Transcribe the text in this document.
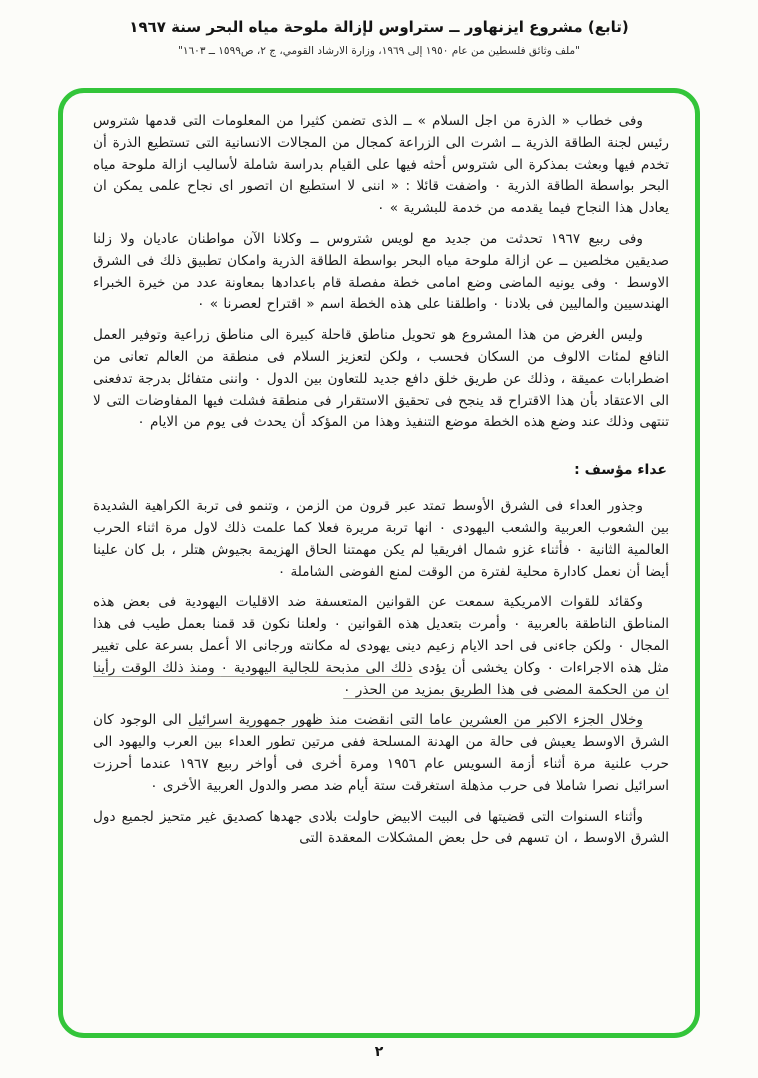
(تابع) مشروع ايزنهاور ــ ستراوس لإزالة ملوحة مياه البحر سنة ١٩٦٧
"ملف وثائق فلسطين من عام ١٩٥٠ إلى ١٩٦٩، وزارة الارشاد القومي، ج ٢، ص١٥٩٩ ــ ١٦٠٣"

وفى خطاب « الذرة من اجل السلام » ــ الذى تضمن كثيرا من المعلومات التى قدمها شتروس رئيس لجنة الطاقة الذرية ــ اشرت الى الزراعة كمجال من المجالات الانسانية التى تستطيع الذرة أن تخدم فيها وبعثت بمذكرة الى شتروس أحثه فيها على القيام بدراسة شاملة لأساليب ازالة ملوحة مياه البحر بواسطة الطاقة الذرية ۰ واضفت قائلا : « اننى لا استطيع ان اتصور اى نجاح علمى يمكن ان يعادل هذا النجاح فيما يقدمه من خدمة للبشرية » ۰

وفى ربيع ١٩٦٧ تحدثت من جديد مع لويس شتروس ــ وكلانا الآن مواطنان عاديان ولا زلنا صديقين مخلصين ــ عن ازالة ملوحة مياه البحر بواسطة الطاقة الذرية وامكان تطبيق ذلك فى الشرق الاوسط ۰ وفى يونيه الماضى وضع امامى خطة مفصلة قام باعدادها بمعاونة عدد من خيرة الخبراء الهندسيين والماليين فى بلادنا ۰ واطلقنا على هذه الخطة اسم « اقتراح لعصرنا » ۰

وليس الغرض من هذا المشروع هو تحويل مناطق قاحلة كبيرة الى مناطق زراعية وتوفير العمل النافع لمئات الالوف من السكان فحسب ، ولكن لتعزيز السلام فى منطقة من العالم تعانى من اضطرابات عميقة ، وذلك عن طريق خلق دافع جديد للتعاون بين الدول ۰ واننى متفائل بدرجة تدفعنى الى الاعتقاد بأن هذا الاقتراح قد ينجح فى تحقيق الاستقرار فى منطقة فشلت فيها المفاوضات التى لا تنتهى وذلك عند وضع هذه الخطة موضع التنفيذ وهذا من المؤكد أن يحدث فى يوم من الايام ۰

عداء مؤسف :

وجذور العداء فى الشرق الأوسط تمتد عبر قرون من الزمن ، وتنمو فى تربة الكراهية الشديدة بين الشعوب العربية والشعب اليهودى ۰ انها تربة مريرة فعلا كما علمت ذلك لاول مرة اثناء الحرب العالمية الثانية ۰ فأثناء غزو شمال افريقيا لم يكن مهمتنا الحاق الهزيمة بجيوش هتلر ، بل كان علينا أيضا أن نعمل كادارة محلية لفترة من الوقت لمنع الفوضى الشاملة ۰

وكقائد للقوات الامريكية سمعت عن القوانين المتعسفة ضد الاقليات اليهودية فى بعض هذه المناطق الناطقة بالعربية ۰ وأمرت بتعديل هذه القوانين ۰ ولعلنا نكون قد قمنا بعمل طيب فى هذا المجال ۰ ولكن جاءنى فى احد الايام زعيم دينى يهودى له مكانته ورجانى الا أعمل بسرعة على تغيير مثل هذه الاجراءات ۰ وكان يخشى أن يؤدى ذلك الى مذبحة للجالية اليهودية ۰ ومنذ ذلك الوقت رأينا ان من الحكمة المضى فى هذا الطريق بمزيد من الحذر ۰

وخلال الجزء الاكبر من العشرين عاما التى انقضت منذ ظهور جمهورية اسرائيل الى الوجود كان الشرق الاوسط يعيش فى حالة من الهدنة المسلحة ففى مرتين تطور العداء بين العرب واليهود الى حرب علنية مرة أثناء أزمة السويس عام ١٩٥٦ ومرة أخرى فى أواخر ربيع ١٩٦٧ عندما أحرزت اسرائيل نصرا شاملا فى حرب مذهلة استغرقت ستة أيام ضد مصر والدول العربية الأخرى ۰

وأثناء السنوات التى قضيتها فى البيت الابيض حاولت بلادى جهدها كصديق غير متحيز لجميع دول الشرق الاوسط ، ان تسهم فى حل بعض المشكلات المعقدة التى

٢
